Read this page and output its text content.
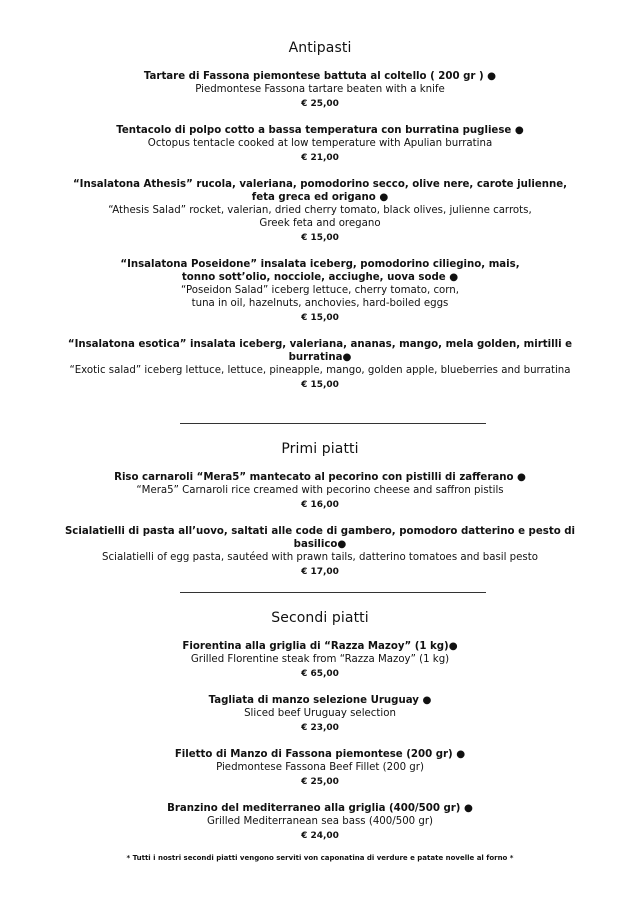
Antipasti
Tartare di Fassona piemontese battuta al coltello ( 200 gr ) ●
Piedmontese Fassona tartare beaten with a knife
€ 25,00
Tentacolo di polpo cotto a bassa temperatura con burratina pugliese ●
Octopus tentacle cooked at low temperature with Apulian burratina
€ 21,00
“Insalatona Athesis” rucola, valeriana, pomodorino secco, olive nere, carote julienne,
feta greca ed origano ●
“Athesis Salad” rocket, valerian, dried cherry tomato, black olives, julienne carrots,
Greek feta and oregano
€ 15,00
“Insalatona Poseidone” insalata iceberg, pomodorino ciliegino, mais,
tonno sott’olio, nocciole, acciughe, uova sode ●
“Poseidon Salad” iceberg lettuce, cherry tomato, corn,
tuna in oil, hazelnuts, anchovies, hard-boiled eggs
€ 15,00
“Insalatona esotica” insalata iceberg, valeriana, ananas, mango, mela golden, mirtilli e burratina●
“Exotic salad” iceberg lettuce, lettuce, pineapple, mango, golden apple, blueberries and burratina
€ 15,00
Primi piatti
Riso carnaroli “Mera5” mantecato al pecorino con pistilli di zafferano ●
“Mera5” Carnaroli rice creamed with pecorino cheese and saffron pistils
€ 16,00
Scialatielli di pasta all’uovo, saltati alle code di gambero, pomodoro datterino e pesto di basilico●
Scialatielli of egg pasta, sautéed with prawn tails, datterino tomatoes and basil pesto
€ 17,00
Secondi piatti
Fiorentina alla griglia di “Razza Mazoy” (1 kg)●
Grilled Florentine steak from “Razza Mazoy” (1 kg)
€ 65,00
Tagliata di manzo selezione Uruguay ●
Sliced beef Uruguay selection
€ 23,00
Filetto di Manzo di Fassona piemontese (200 gr) ●
Piedmontese Fassona Beef Fillet (200 gr)
€ 25,00
Branzino del mediterraneo alla griglia (400/500 gr) ●
Grilled Mediterranean sea bass (400/500 gr)
€ 24,00
* Tutti i nostri secondi piatti vengono serviti von caponatina di verdure e patate novelle al forno *
